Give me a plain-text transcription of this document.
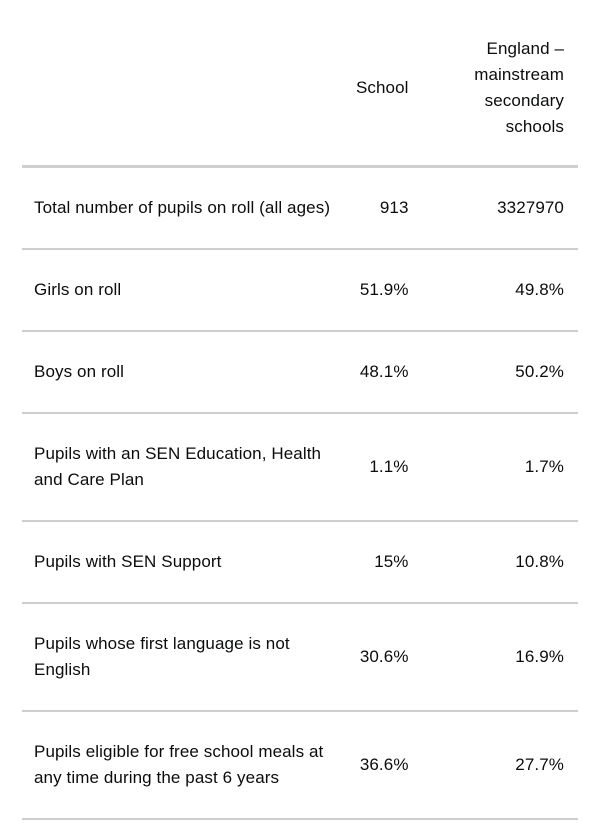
	School	England – mainstream secondary schools

Total number of pupils on roll (all ages)	913	3327970

Girls on roll	51.9%	49.8%

Boys on roll	48.1%	50.2%

Pupils with an SEN Education, Health and Care Plan	1.1%	1.7%

Pupils with SEN Support	15%	10.8%

Pupils whose first language is not English	30.6%	16.9%

Pupils eligible for free school meals at any time during the past 6 years	36.6%	27.7%
